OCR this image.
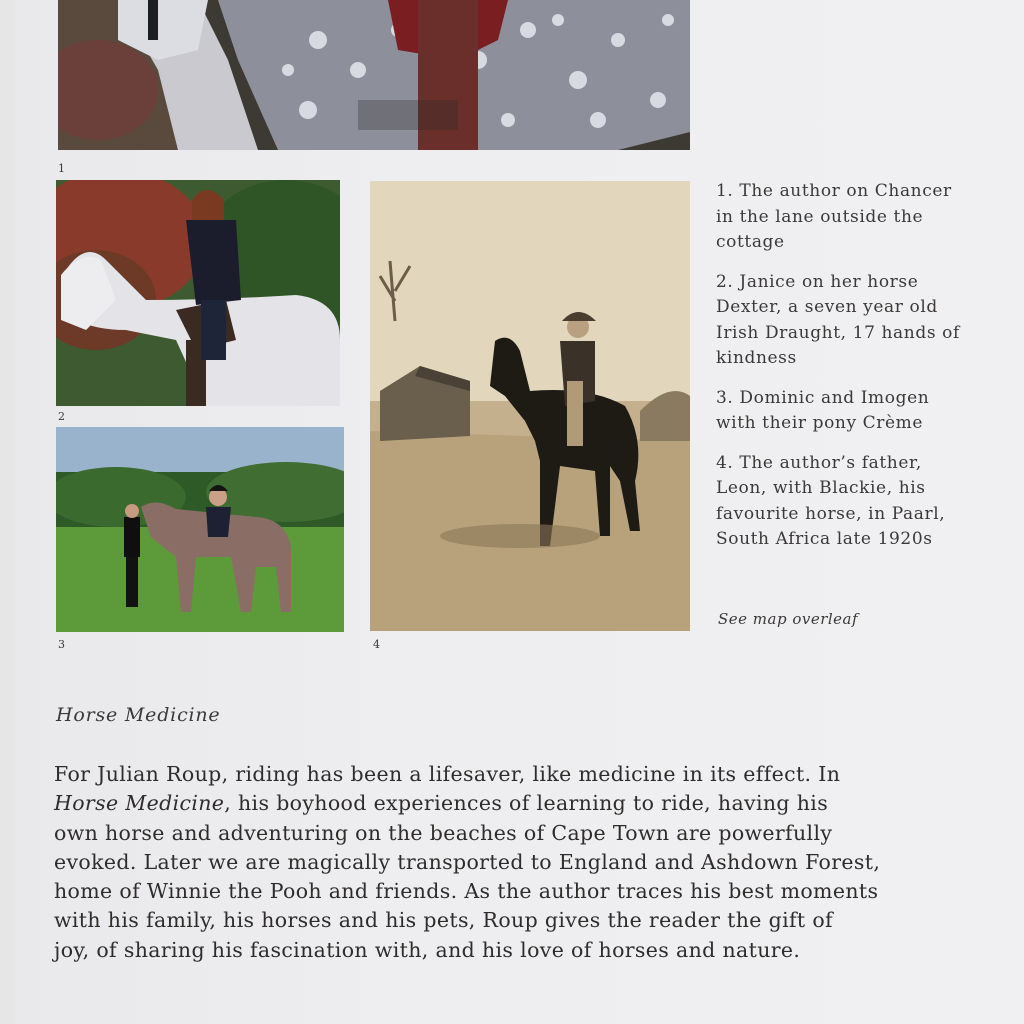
1
2
3	4

1. The author on Chancer
in the lane outside the
cottage

2. Janice on her horse
Dexter, a seven year old
Irish Draught, 17 hands of
kindness

3. Dominic and Imogen
with their pony Crème

4. The author’s father,
Leon, with Blackie, his
favourite horse, in Paarl,
South Africa late 1920s

See map overleaf
Horse Medicine
For Julian Roup, riding has been a lifesaver, like medicine in its effect. In
Horse Medicine, his boyhood experiences of learning to ride, having his
own horse and adventuring on the beaches of Cape Town are powerfully
evoked. Later we are magically transported to England and Ashdown Forest,
home of Winnie the Pooh and friends. As the author traces his best moments
with his family, his horses and his pets, Roup gives the reader the gift of
joy, of sharing his fascination with, and his love of horses and nature.
